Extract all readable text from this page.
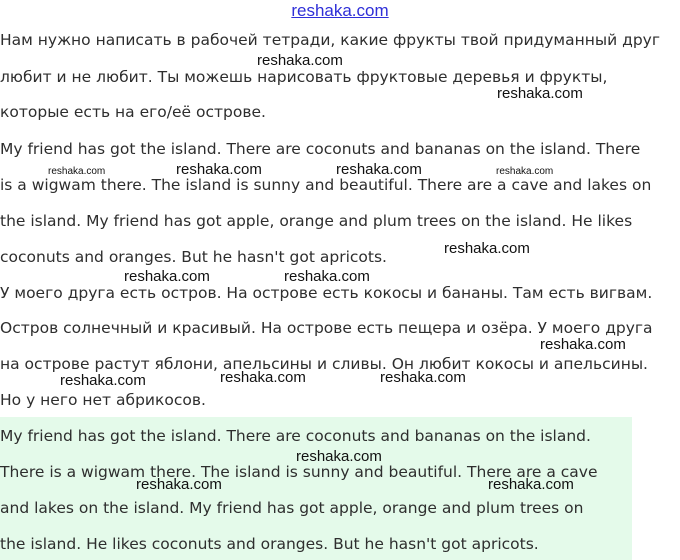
reshaka.com
Нам нужно написать в рабочей тетради, какие фрукты твой придуманный друг
любит и не любит. Ты можешь нарисовать фруктовые деревья и фрукты,
которые есть на его/её острове.
My friend has got the island. There are coconuts and bananas on the island. There
is a wigwam there. The island is sunny and beautiful. There are a cave and lakes on
the island. My friend has got apple, orange and plum trees on the island. He likes
coconuts and oranges. But he hasn't got apricots.
У моего друга есть остров. На острове есть кокосы и бананы. Там есть вигвам.
Остров солнечный и красивый. На острове есть пещера и озёра. У моего друга
на острове растут яблони, апельсины и сливы. Он любит кокосы и апельсины.
Но у него нет абрикосов.
My friend has got the island. There are coconuts and bananas on the island.
There is a wigwam there. The island is sunny and beautiful. There are a cave
and lakes on the island. My friend has got apple, orange and plum trees on
the island. He likes coconuts and oranges. But he hasn't got apricots.
reshaka.com
reshaka.com
reshaka.com	reshaka.com	reshaka.com	reshaka.com
reshaka.com
reshaka.com	reshaka.com
reshaka.com
reshaka.com	reshaka.com	reshaka.com
reshaka.com
reshaka.com	reshaka.com
